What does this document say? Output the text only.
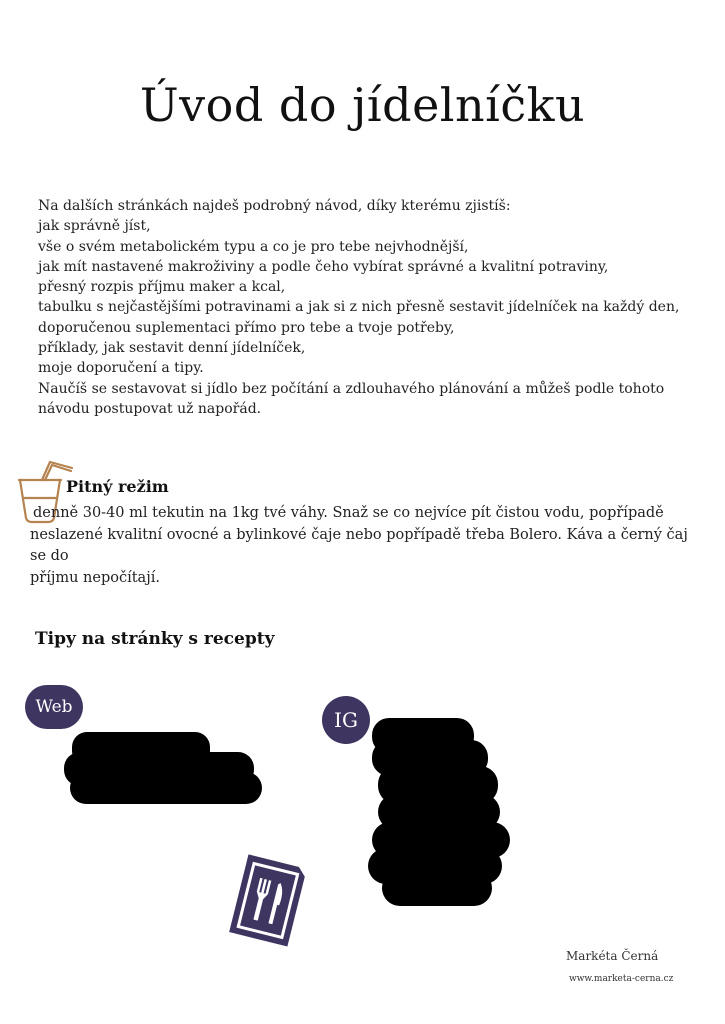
Úvod do jídelníčku
Na dalších stránkách najdeš podrobný návod, díky kterému zjistíš:
jak správně jíst,
vše o svém metabolickém typu a co je pro tebe nejvhodnější,
jak mít nastavené makroživiny a podle čeho vybírat správné a kvalitní potraviny,
přesný rozpis příjmu maker a kcal,
tabulku s nejčastějšími potravinami a jak si z nich přesně sestavit jídelníček na každý den,
doporučenou suplementaci přímo pro tebe a tvoje potřeby,
příklady, jak sestavit denní jídelníček,
moje doporučení a tipy.
Naučíš se sestavovat si jídlo bez počítání a zdlouhavého plánování a můžeš podle tohoto
návodu postupovat už napořád.
Pitný režim
denně 30-40 ml tekutin na 1kg tvé váhy. Snaž se co nejvíce pít čistou vodu, popřípadě
neslazené kvalitní ovocné a bylinkové čaje nebo popřípadě třeba Bolero. Káva a černý čaj se do
příjmu nepočítají.
Tipy na stránky s recepty
Web
IG
Markéta Černá
www.marketa-cerna.cz
